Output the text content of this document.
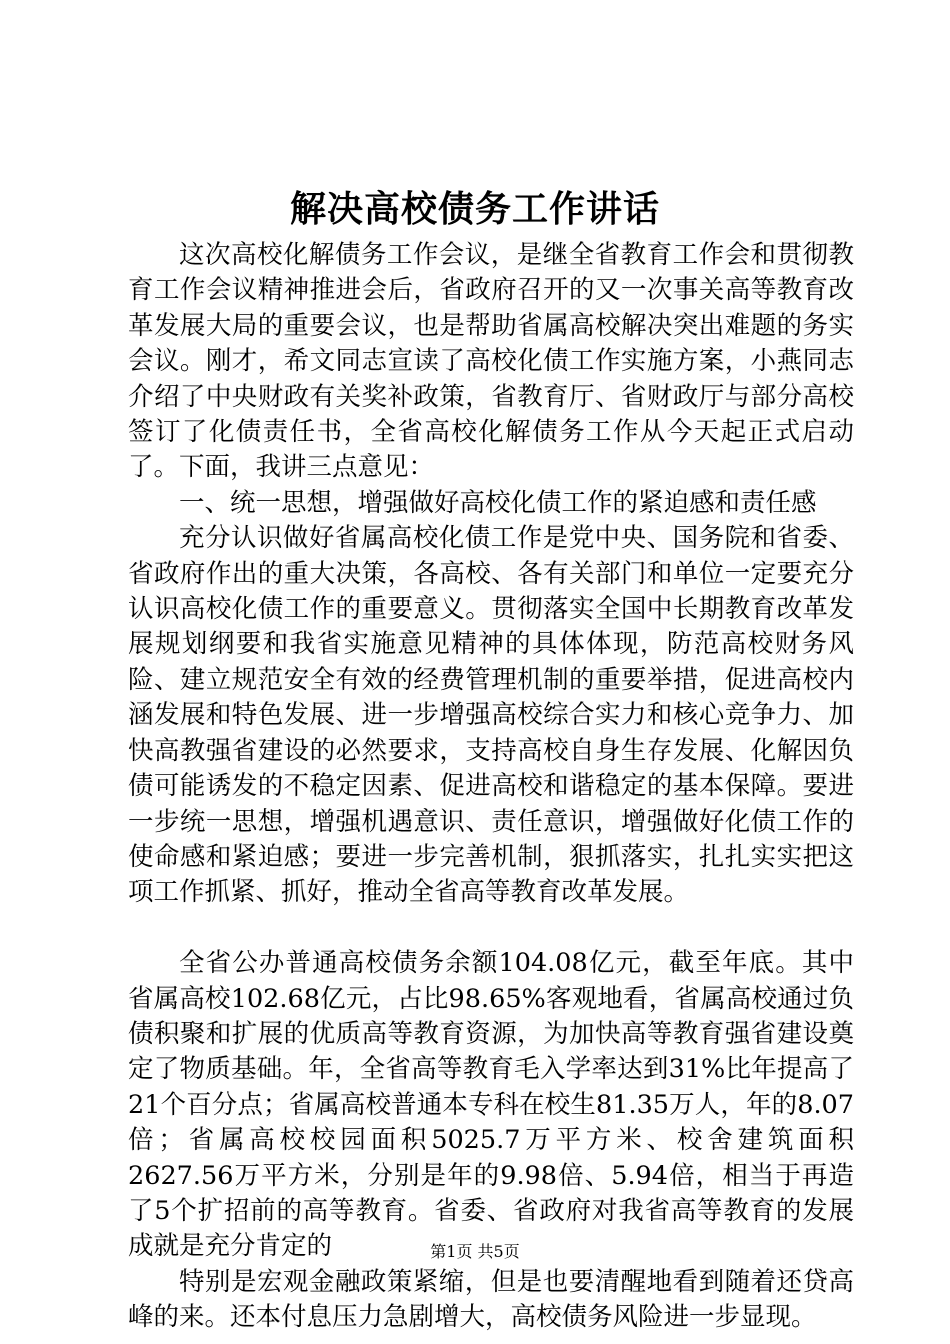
解决高校债务工作讲话

这次高校化解债务工作会议，是继全省教育工作会和贯彻教育工作会议精神推进会后，省政府召开的又一次事关高等教育改革发展大局的重要会议，也是帮助省属高校解决突出难题的务实会议。刚才，希文同志宣读了高校化债工作实施方案，小燕同志介绍了中央财政有关奖补政策，省教育厅、省财政厅与部分高校签订了化债责任书，全省高校化解债务工作从今天起正式启动了。下面，我讲三点意见：

一、统一思想，增强做好高校化债工作的紧迫感和责任感

充分认识做好省属高校化债工作是党中央、国务院和省委、省政府作出的重大决策，各高校、各有关部门和单位一定要充分认识高校化债工作的重要意义。贯彻落实全国中长期教育改革发展规划纲要和我省实施意见精神的具体体现，防范高校财务风险、建立规范安全有效的经费管理机制的重要举措，促进高校内涵发展和特色发展、进一步增强高校综合实力和核心竞争力、加快高教强省建设的必然要求，支持高校自身生存发展、化解因负债可能诱发的不稳定因素、促进高校和谐稳定的基本保障。要进一步统一思想，增强机遇意识、责任意识，增强做好化债工作的使命感和紧迫感；要进一步完善机制，狠抓落实，扎扎实实把这项工作抓紧、抓好，推动全省高等教育改革发展。

全省公办普通高校债务余额104.08亿元，截至年底。其中省属高校102.68亿元，占比98.65%客观地看，省属高校通过负债积聚和扩展的优质高等教育资源，为加快高等教育强省建设奠定了物质基础。年，全省高等教育毛入学率达到31%比年提高了21个百分点；省属高校普通本专科在校生81.35万人，年的8.07倍；省属高校校园面积5025.7万平方米、校舍建筑面积2627.56万平方米，分别是年的9.98倍、5.94倍，相当于再造了5个扩招前的高等教育。省委、省政府对我省高等教育的发展成就是充分肯定的

特别是宏观金融政策紧缩，但是也要清醒地看到随着还贷高峰的来。还本付息压力急剧增大，高校债务风险进一步显现。

第1页 共5页
